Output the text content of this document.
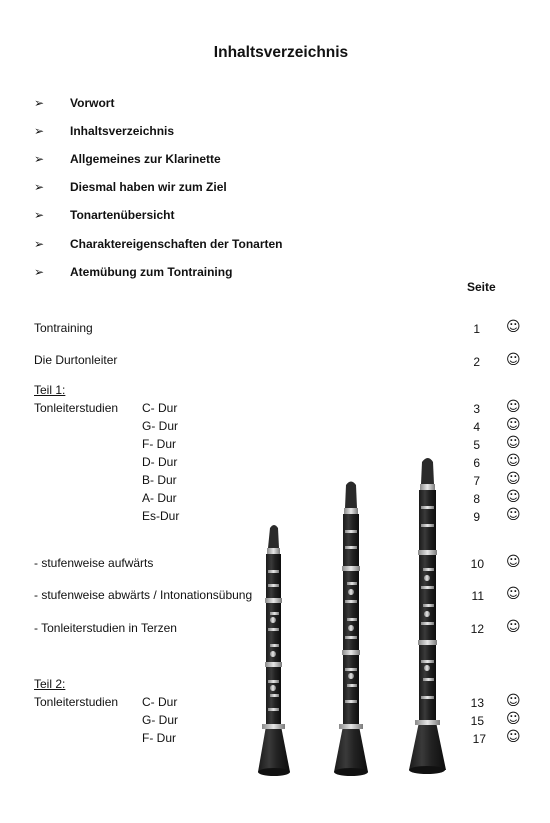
Inhaltsverzeichnis
➢ Vorwort
➢ Inhaltsverzeichnis
➢ Allgemeines zur Klarinette
➢ Diesmal haben wir zum Ziel
➢ Tonartenübersicht
➢ Charaktereigenschaften der Tonarten
➢ Atemübung zum Tontraining
Seite
Tontraining	1 ☺
Die Durtonleiter	2 ☺
Teil 1:
Tonleiterstudien C- Dur	3 ☺
G- Dur	4 ☺
F- Dur	5 ☺
D- Dur	6 ☺
B- Dur	7 ☺
A- Dur	8 ☺
Es-Dur	9 ☺
- stufenweise aufwärts	10 ☺
- stufenweise abwärts / Intonationsübung	11 ☺
- Tonleiterstudien in Terzen	12 ☺
Teil 2:
Tonleiterstudien C- Dur	13 ☺
G- Dur	15 ☺
F- Dur	17 ☺
